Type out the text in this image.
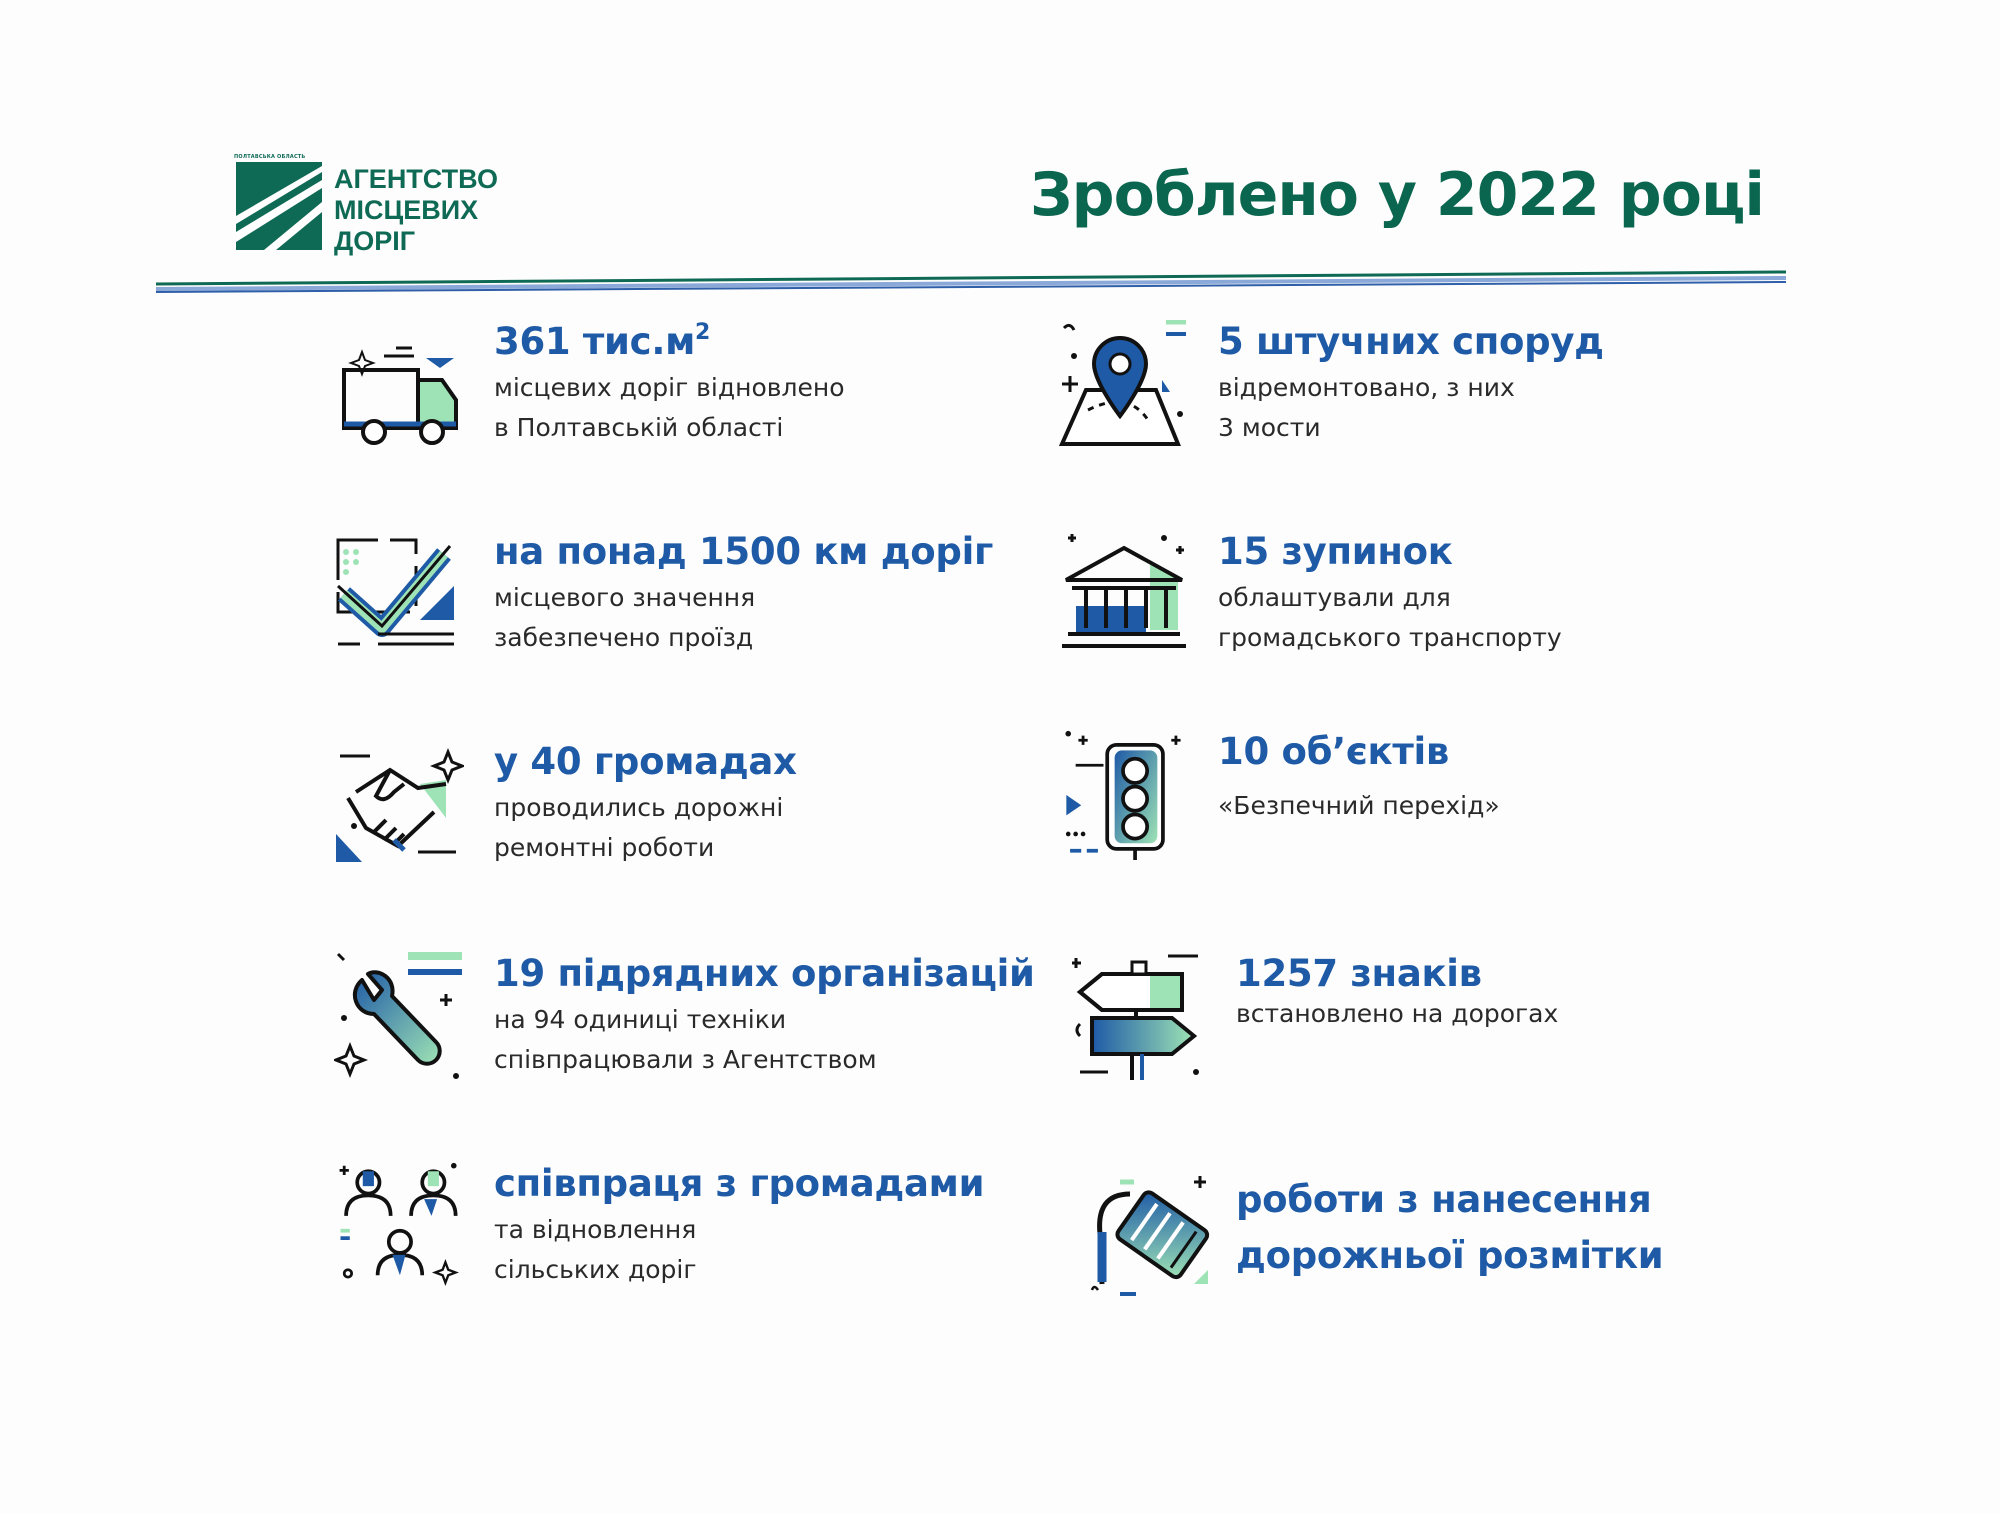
ПОЛТАВСЬКА ОБЛАСТЬ
АГЕНТСТВО
МІСЦЕВИХ
ДОРІГ
Зроблено у 2022 році
361 $тис.м^2$
місцевих доріг відновлено
в Полтавській області
5 штучних споруд
відремонтовано, з них
3 мости
на понад 1500 км доріг
місцевого значення
забезпечено проїзд
15 зупинок
облаштували для
громадського транспорту
у 40 громадах
проводились дорожні
ремонтні роботи
10 об’єктів
«Безпечний перехід»
19 підрядних організацій
на 94 одиниці техніки
співпрацювали з Агентством
1257 знаків
встановлено на дорогах
співпраця з громадами
та відновлення
сільських доріг
роботи з нанесення
дорожньої розмітки
